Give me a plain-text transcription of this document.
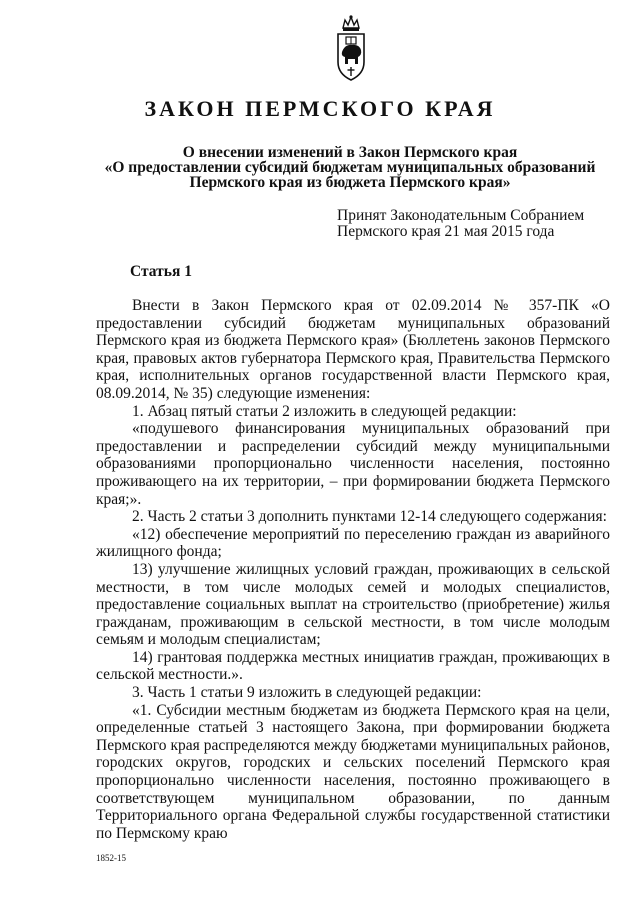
ЗАКОН ПЕРМСКОГО КРАЯ
О внесении изменений в Закон Пермского края
«О предоставлении субсидий бюджетам муниципальных образований
Пермского края из бюджета Пермского края»
Принят Законодательным Собранием
Пермского края 21 мая 2015 года
Статья 1

Внести в Закон Пермского края от 02.09.2014 № 357-ПК «О предоставлении субсидий бюджетам муниципальных образований Пермского края из бюджета Пермского края» (Бюллетень законов Пермского края, правовых актов губернатора Пермского края, Правительства Пермского края, исполнительных органов государственной власти Пермского края, 08.09.2014, № 35) следующие изменения:

1. Абзац пятый статьи 2 изложить в следующей редакции:

«подушевого финансирования муниципальных образований при предоставлении и распределении субсидий между муниципальными образованиями пропорционально численности населения, постоянно проживающего на их территории, – при формировании бюджета Пермского края;».

2. Часть 2 статьи 3 дополнить пунктами 12-14 следующего содержания:

«12) обеспечение мероприятий по переселению граждан из аварийного жилищного фонда;

13) улучшение жилищных условий граждан, проживающих в сельской местности, в том числе молодых семей и молодых специалистов, предоставление социальных выплат на строительство (приобретение) жилья гражданам, проживающим в сельской местности, в том числе молодым семьям и молодым специалистам;

14) грантовая поддержка местных инициатив граждан, проживающих в сельской местности.».

3. Часть 1 статьи 9 изложить в следующей редакции:

«1. Субсидии местным бюджетам из бюджета Пермского края на цели, определенные статьей 3 настоящего Закона, при формировании бюджета Пермского края распределяются между бюджетами муниципальных районов, городских округов, городских и сельских поселений Пермского края пропорционально численности населения, постоянно проживающего в соответствующем муниципальном образовании, по данным Территориального органа Федеральной службы государственной статистики по Пермскому краю

1852-15
